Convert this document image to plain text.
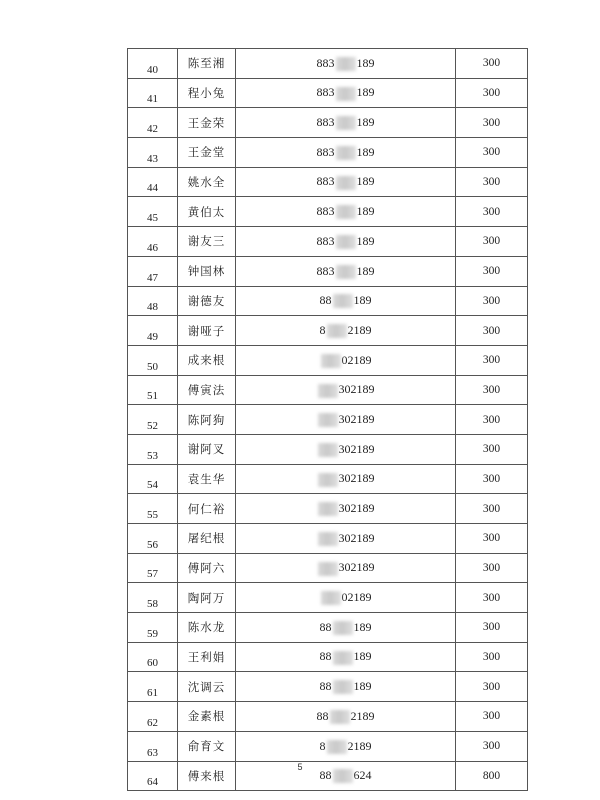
40	陈至湘	883 189	300
41	程小兔	883 189	300
42	王金荣	883 189	300
43	王金堂	883 189	300
44	姚水全	883 189	300
45	黄伯太	883 189	300
46	谢友三	883 189	300
47	钟国林	883 189	300
48	谢德友	88 189	300
49	谢哑子	8 2189	300
50	成来根	02189	300
51	傅寅法	302189	300
52	陈阿狗	302189	300
53	谢阿叉	302189	300
54	袁生华	302189	300
55	何仁裕	302189	300
56	屠纪根	302189	300
57	傅阿六	302189	300
58	陶阿万	02189	300
59	陈水龙	88 189	300
60	王利娟	88 189	300
61	沈调云	88 189	300
62	金素根	88 2189	300
63	俞育文	8 2189	300
64	傅来根	88 624	800
5
